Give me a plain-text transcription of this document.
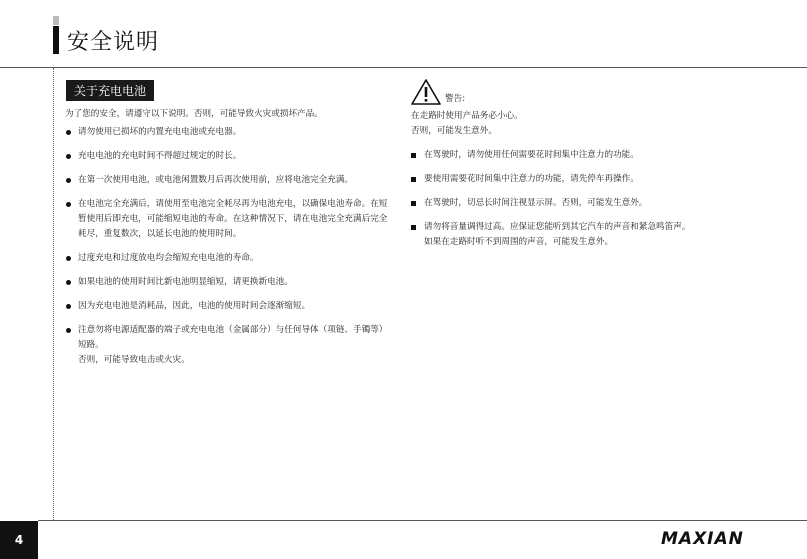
安全说明
关于充电电池
为了您的安全，请遵守以下说明。否则，可能导致火灾或损坏产品。
请勿使用已损坏的内置充电电池或充电器。
充电电池的充电时间不得超过规定的时长。
在第一次使用电池，或电池闲置数月后再次使用前，应将电池完全充满。
在电池完全充满后，请使用至电池完全耗尽再为电池充电，以确保电池寿命。在短暂使用后即充电，可能缩短电池的寿命。在这种情况下，请在电池完全充满后完全耗尽，重复数次，以延长电池的使用时间。
过度充电和过度放电均会缩短充电电池的寿命。
如果电池的使用时间比新电池明显缩短，请更换新电池。
因为充电电池是消耗品，因此，电池的使用时间会逐渐缩短。
注意勿将电源适配器的端子或充电电池（金属部分）与任何导体（项链、手镯等）短路。
否则，可能导致电击或火灾。
警告:
在走路时使用产品务必小心。
否则，可能发生意外。
在驾驶时，请勿使用任何需要花时间集中注意力的功能。
要使用需要花时间集中注意力的功能，请先停车再操作。
在驾驶时，切忌长时间注视显示屏。否则，可能发生意外。
请勿将音量调得过高。应保证您能听到其它汽车的声音和紧急鸣笛声。
如果在走路时听不到周围的声音，可能发生意外。
4	MAXIAN
